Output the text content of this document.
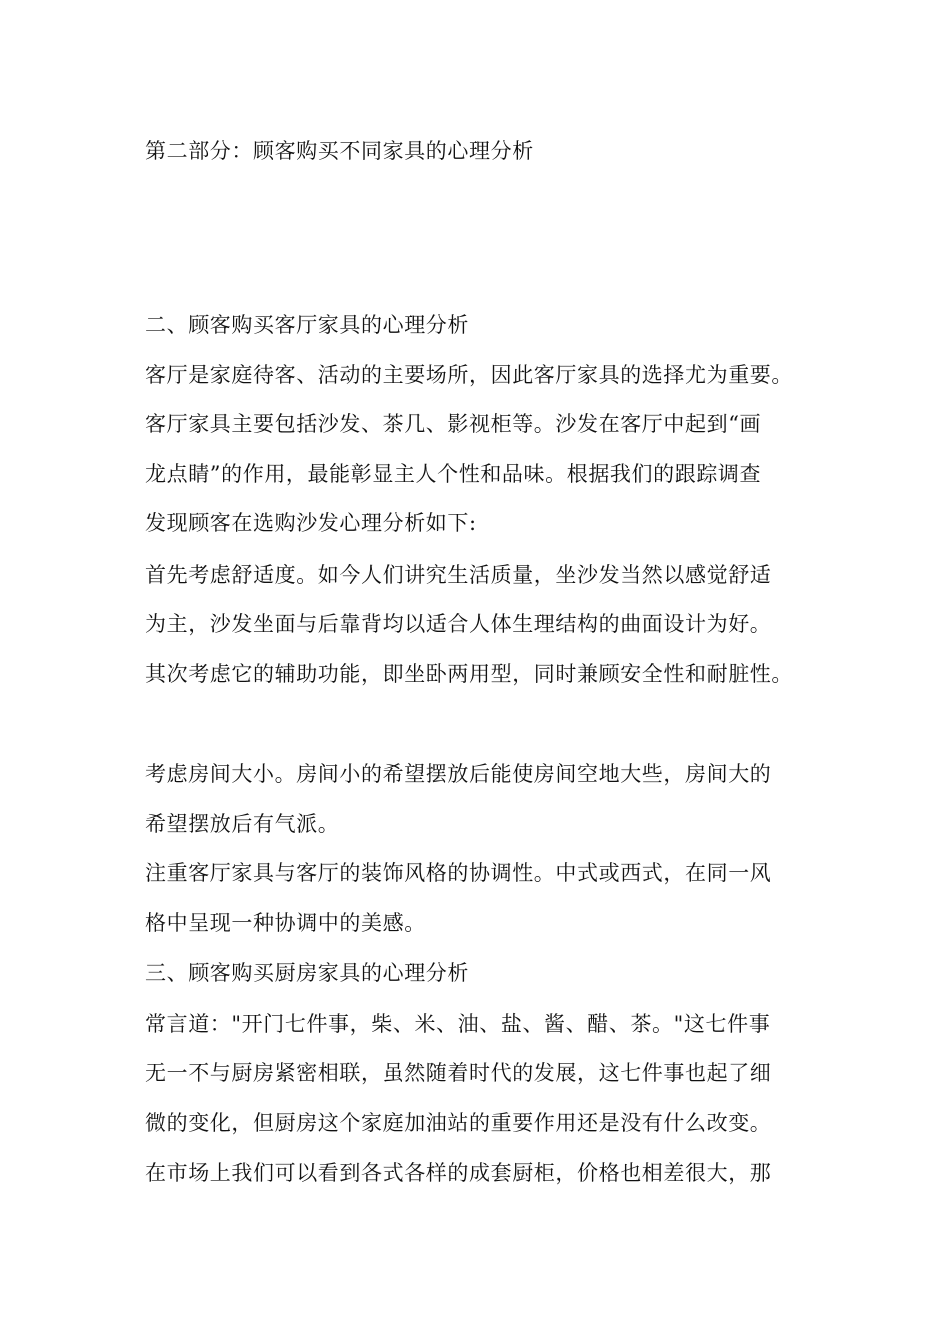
第二部分：顾客购买不同家具的心理分析
二、顾客购买客厅家具的心理分析
客厅是家庭待客、活动的主要场所，因此客厅家具的选择尤为重要。
客厅家具主要包括沙发、茶几、影视柜等。沙发在客厅中起到“画
龙点睛”的作用，最能彰显主人个性和品味。根据我们的跟踪调查
发现顾客在选购沙发心理分析如下:
首先考虑舒适度。如今人们讲究生活质量，坐沙发当然以感觉舒适
为主，沙发坐面与后靠背均以适合人体生理结构的曲面设计为好。
其次考虑它的辅助功能，即坐卧两用型，同时兼顾安全性和耐脏性。
考虑房间大小。房间小的希望摆放后能使房间空地大些，房间大的
希望摆放后有气派。
注重客厅家具与客厅的装饰风格的协调性。中式或西式，在同一风
格中呈现一种协调中的美感。
三、顾客购买厨房家具的心理分析
常言道："开门七件事，柴、米、油、盐、酱、醋、茶。"这七件事
无一不与厨房紧密相联，虽然随着时代的发展，这七件事也起了细
微的变化，但厨房这个家庭加油站的重要作用还是没有什么改变。
在市场上我们可以看到各式各样的成套厨柜，价格也相差很大，那
